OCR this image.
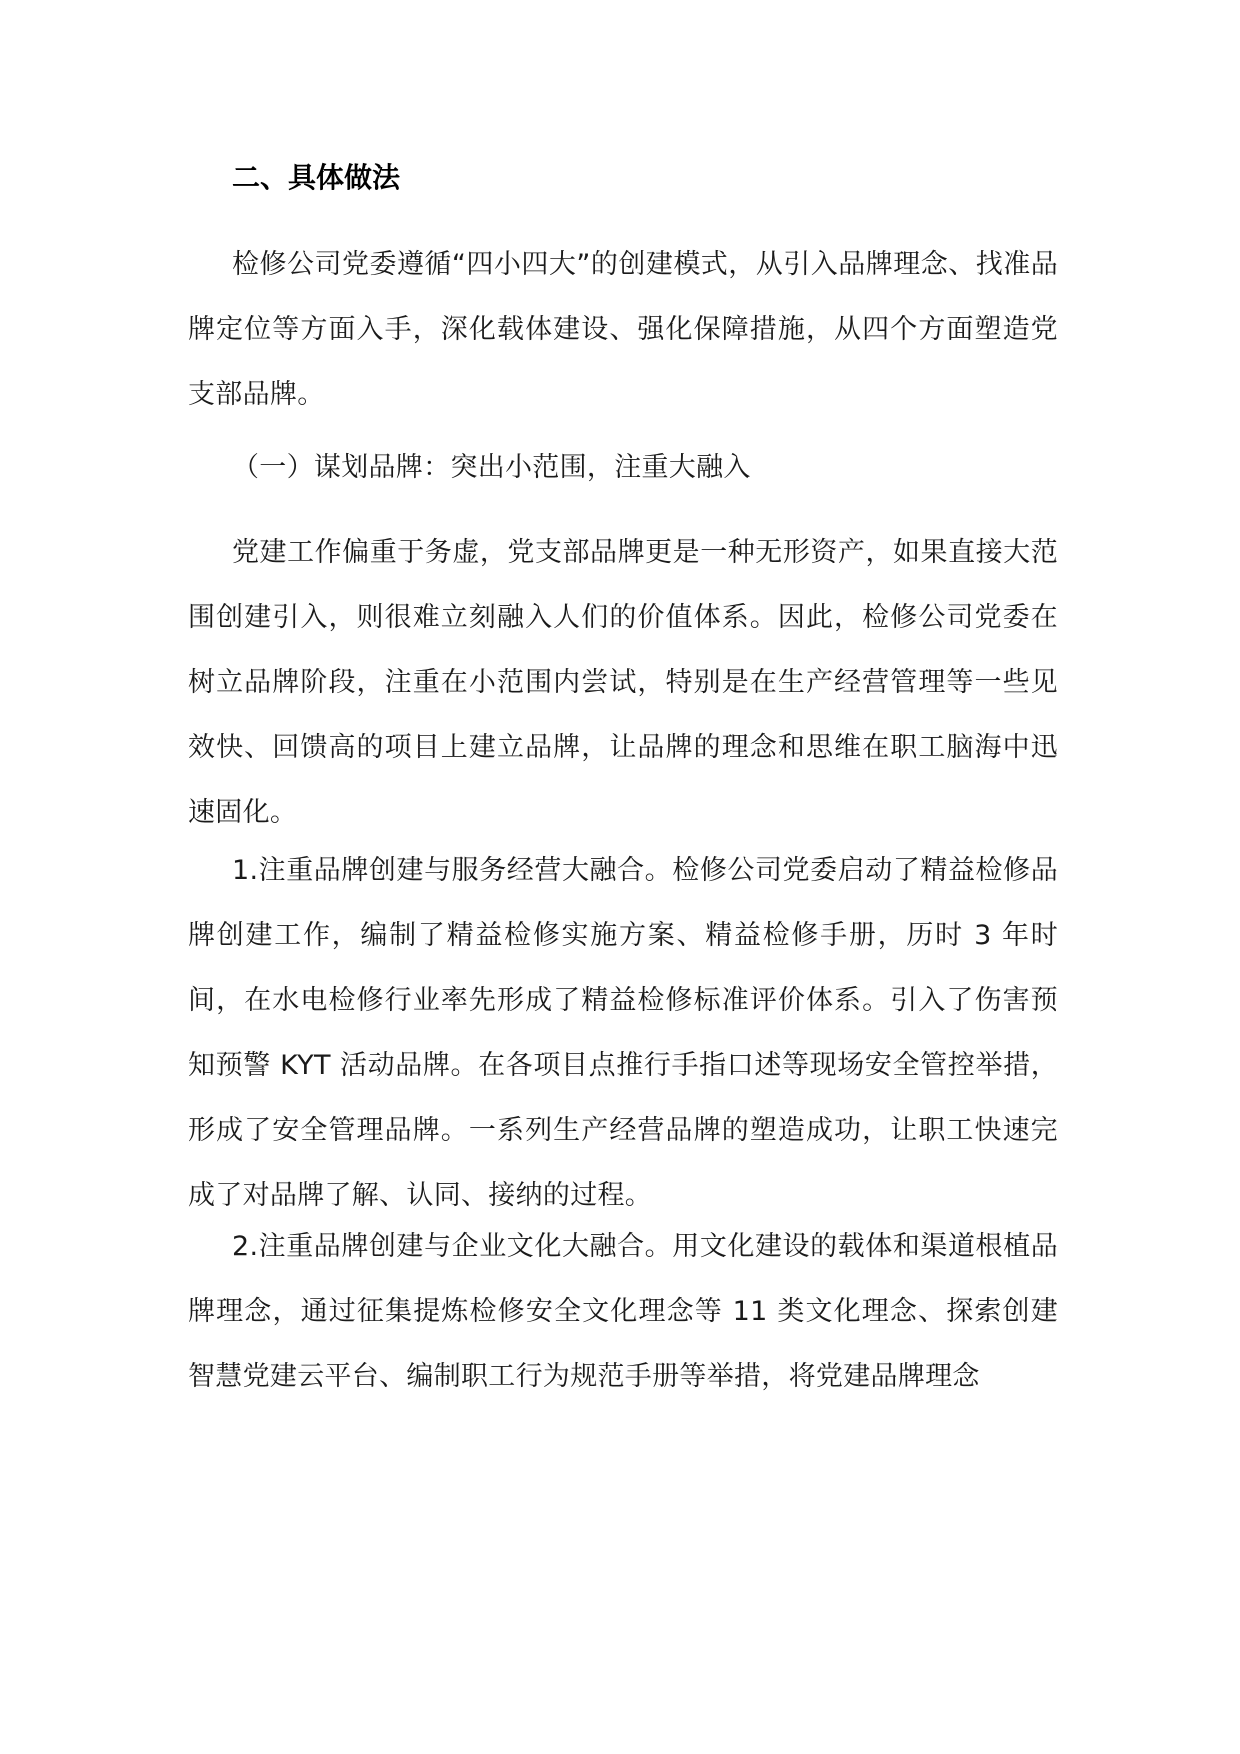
二、具体做法

检修公司党委遵循“四小四大”的创建模式，从引入品牌理念、找准品牌定位等方面入手，深化载体建设、强化保障措施，从四个方面塑造党支部品牌。

（一）谋划品牌：突出小范围，注重大融入

党建工作偏重于务虚，党支部品牌更是一种无形资产，如果直接大范围创建引入，则很难立刻融入人们的价值体系。因此，检修公司党委在树立品牌阶段，注重在小范围内尝试，特别是在生产经营管理等一些见效快、回馈高的项目上建立品牌，让品牌的理念和思维在职工脑海中迅速固化。

1.注重品牌创建与服务经营大融合。检修公司党委启动了精益检修品牌创建工作，编制了精益检修实施方案、精益检修手册，历时 3 年时间，在水电检修行业率先形成了精益检修标准评价体系。引入了伤害预知预警 KYT 活动品牌。在各项目点推行手指口述等现场安全管控举措，形成了安全管理品牌。一系列生产经营品牌的塑造成功，让职工快速完成了对品牌了解、认同、接纳的过程。

2.注重品牌创建与企业文化大融合。用文化建设的载体和渠道根植品牌理念，通过征集提炼检修安全文化理念等 11 类文化理念、探索创建智慧党建云平台、编制职工行为规范手册等举措，将党建品牌理念
